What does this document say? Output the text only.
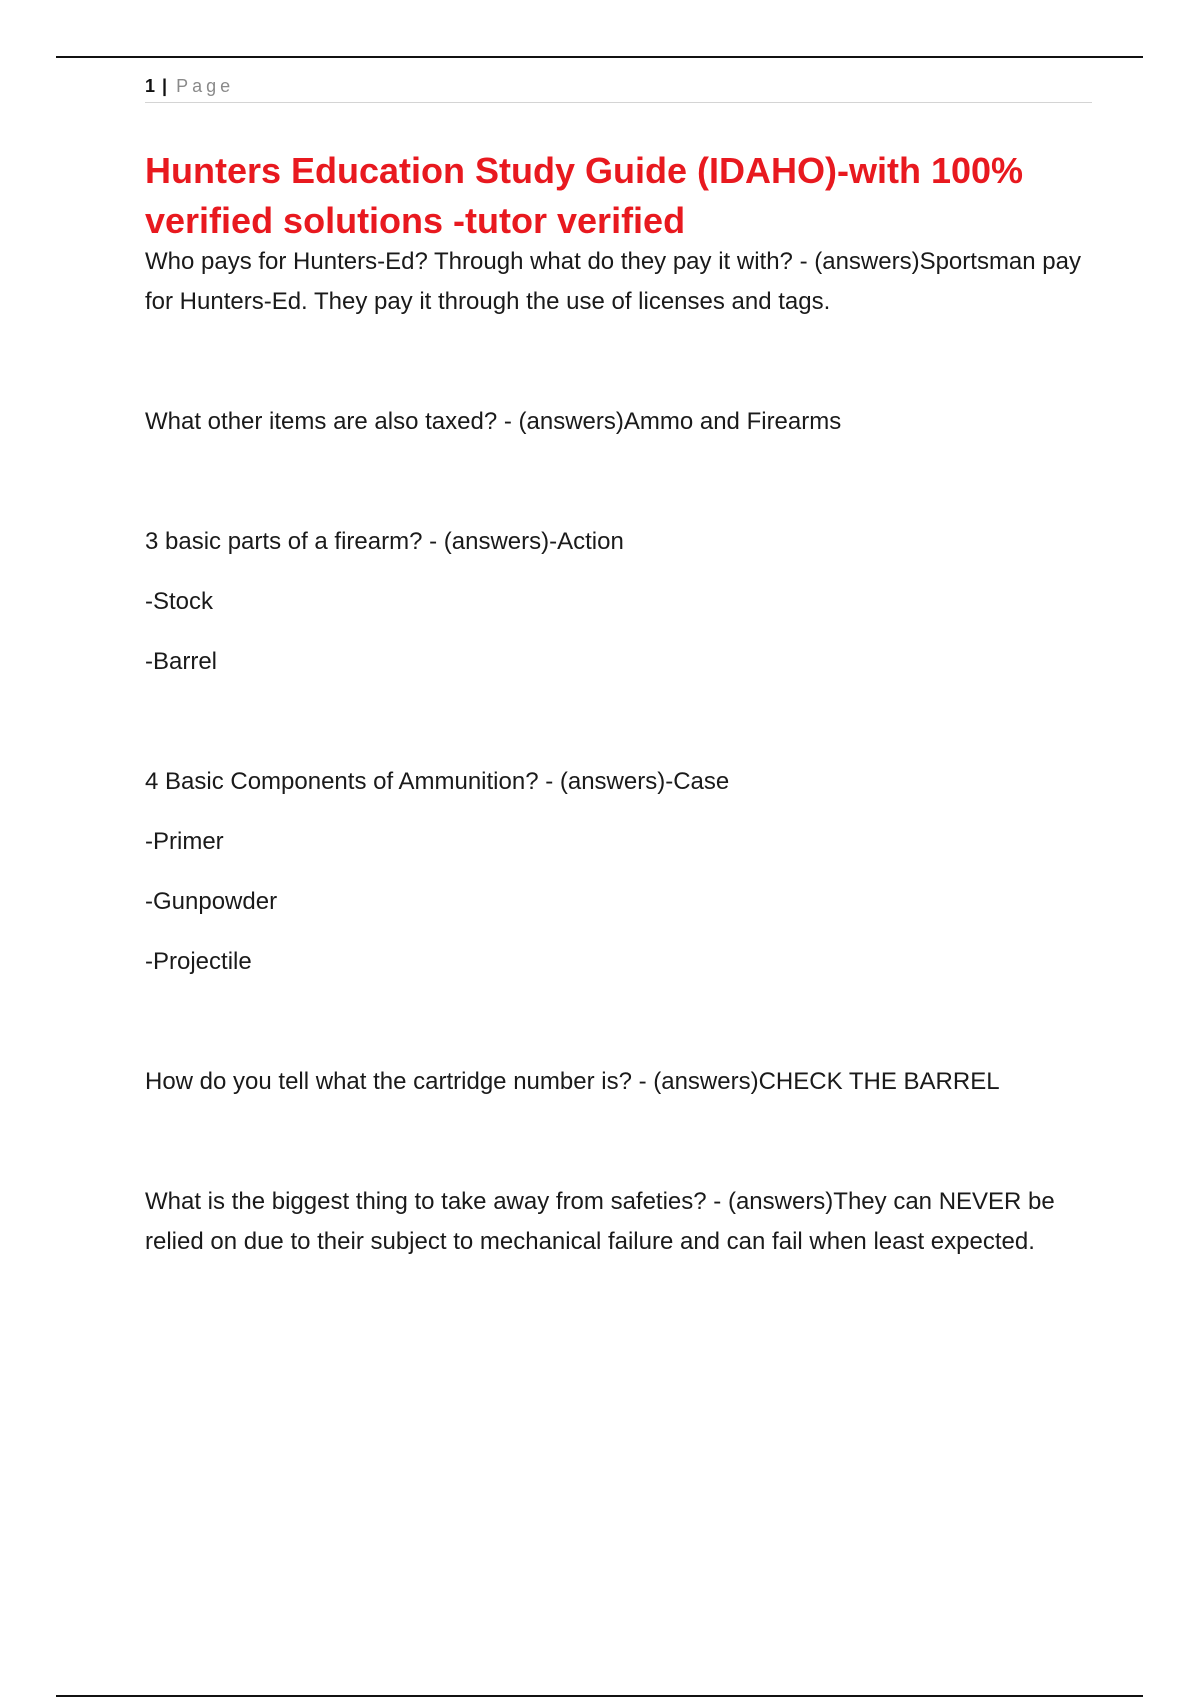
1 | Page
Hunters Education Study Guide (IDAHO)-with 100% verified solutions -tutor verified

Who pays for Hunters-Ed? Through what do they pay it with? - (answers)Sportsman pay for Hunters-Ed. They pay it through the use of licenses and tags.

What other items are also taxed? - (answers)Ammo and Firearms

3 basic parts of a firearm? - (answers)-Action

-Stock

-Barrel

4 Basic Components of Ammunition? - (answers)-Case

-Primer

-Gunpowder

-Projectile

How do you tell what the cartridge number is? - (answers)CHECK THE BARREL

What is the biggest thing to take away from safeties? - (answers)They can NEVER be relied on due to their subject to mechanical failure and can fail when least expected.
